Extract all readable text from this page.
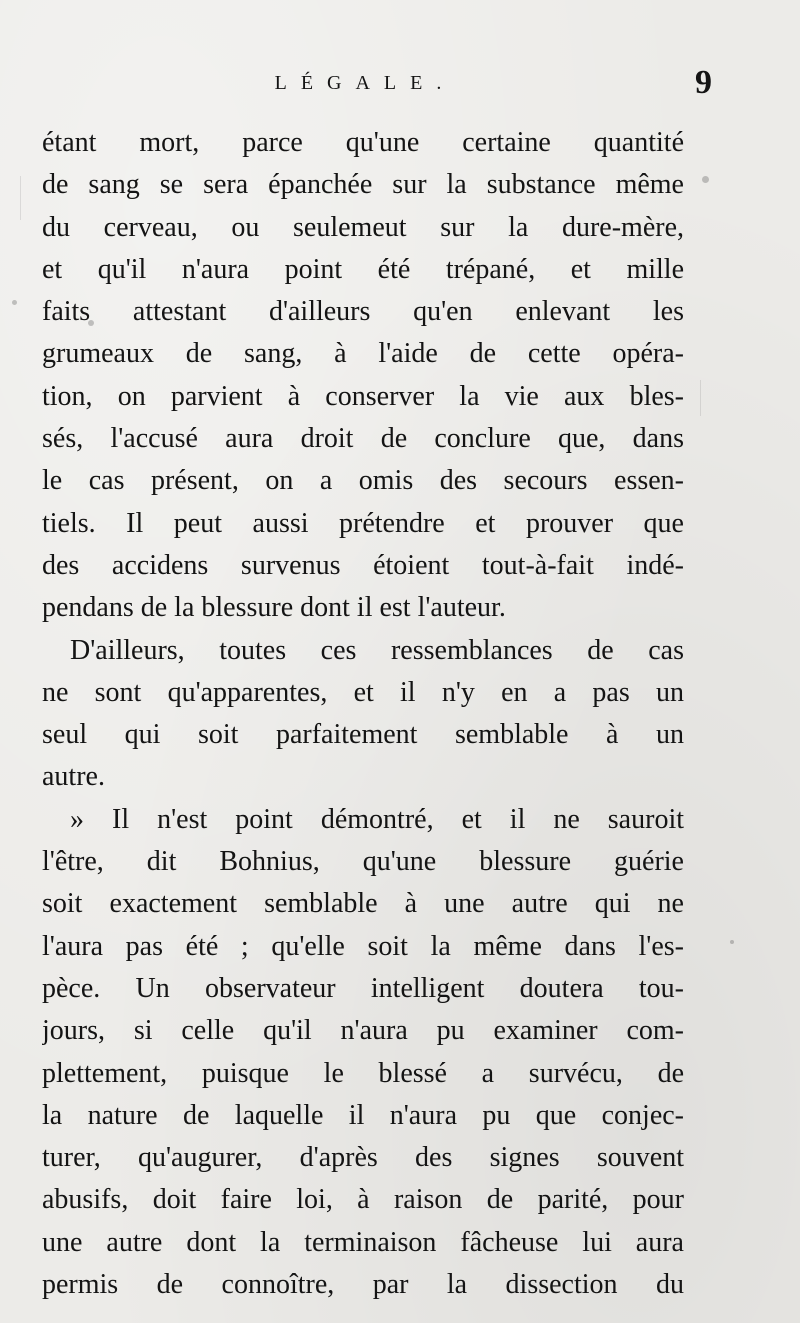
LÉGALE.	9
étant mort, parce qu'une certaine quantité
de sang se sera épanchée sur la substance même
du cerveau, ou seulemeut sur la dure-mère,
et qu'il n'aura point été trépané, et mille
faits attestant d'ailleurs qu'en enlevant les
grumeaux de sang, à l'aide de cette opéra-
tion, on parvient à conserver la vie aux bles-
sés, l'accusé aura droit de conclure que, dans
le cas présent, on a omis des secours essen-
tiels. Il peut aussi prétendre et prouver que
des accidens survenus étoient tout-à-fait indé-
pendans de la blessure dont il est l'auteur.
D'ailleurs, toutes ces ressemblances de cas
ne sont qu'apparentes, et il n'y en a pas un
seul qui soit parfaitement semblable à un
autre.
» Il n'est point démontré, et il ne sauroit
l'être, dit Bohnius, qu'une blessure guérie
soit exactement semblable à une autre qui ne
l'aura pas été ; qu'elle soit la même dans l'es-
pèce. Un observateur intelligent doutera tou-
jours, si celle qu'il n'aura pu examiner com-
plettement, puisque le blessé a survécu, de
la nature de laquelle il n'aura pu que conjec-
turer, qu'augurer, d'après des signes souvent
abusifs, doit faire loi, à raison de parité, pour
une autre dont la terminaison fâcheuse lui aura
permis de connoître, par la dissection du
